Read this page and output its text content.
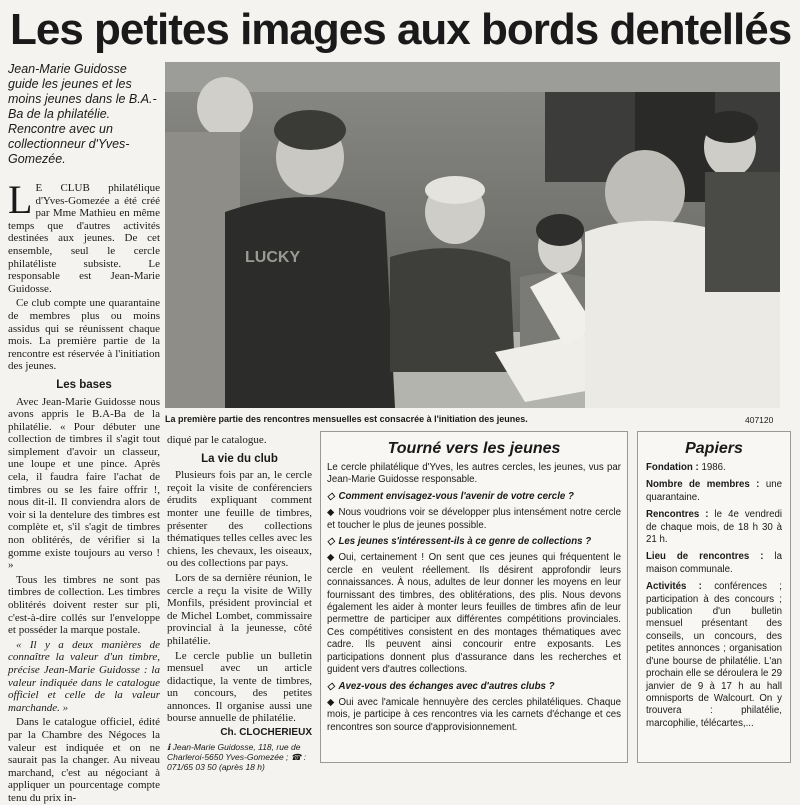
Les petites images aux bords dentellés

Jean-Marie Guidosse guide les jeunes et les moins jeunes dans le B.A.-Ba de la philatélie. Rencontre avec un collectionneur d'Yves-Gomezée.

L E CLUB philatélique d'Yves-Gomezée a été créé par Mme Mathieu en même temps que d'autres activités destinées aux jeunes. De cet ensemble, seul le cercle philatéliste subsiste. Le responsable est Jean-Marie Guidosse.

Ce club compte une quarantaine de membres plus ou moins assidus qui se réunissent chaque mois. La première partie de la rencontre est réservée à l'initiation des jeunes.

Les bases

Avec Jean-Marie Guidosse nous avons appris le B.A-Ba de la philatélie. « Pour débuter une collection de timbres il s'agit tout simplement d'avoir un classeur, une loupe et une pince. Après cela, il faudra faire l'achat de timbres ou se les faire offrir !, nous dit-il. Il conviendra alors de voir si la dentelure des timbres est complète et, s'il s'agit de timbres non oblitérés, de vérifier si la gomme existe toujours au verso ! »

Tous les timbres ne sont pas timbres de collection. Les timbres oblitérés doivent rester sur pli, c'est-à-dire collés sur l'enveloppe et posséder la marque postale.

« Il y a deux manières de connaître la valeur d'un timbre, précise Jean-Marie Guidosse : la valeur indiquée dans le catalogue officiel et celle de la valeur marchande. »

Dans le catalogue officiel, édité par la Chambre des Négoces la valeur est indiquée et on ne saurait pas la changer. Au niveau marchand, c'est au négociant à appliquer un pourcentage compte tenu du prix in-

LUCKY
La première partie des rencontres mensuelles est consacrée à l'initiation des jeunes.	407120

diqué par le catalogue.

La vie du club

Plusieurs fois par an, le cercle reçoit la visite de conférenciers érudits expliquant comment monter une feuille de timbres, présenter des collections thématiques telles celles avec les chiens, les chevaux, les oiseaux, ou des collections par pays.

Lors de sa dernière réunion, le cercle a reçu la visite de Willy Monfils, président provincial et de Michel Lombet, commissaire provincial à la jeunesse, côté philatélie.

Le cercle publie un bulletin mensuel avec un article didactique, la vente de timbres, un concours, des petites annonces. Il organise aussi une bourse annuelle de philatélie.

Ch. CLOCHERIEUX
ℹ Jean-Marie Guidosse, 118, rue de Charleroi-5650 Yves-Gomezée ; ☎ : 071/65 03 50 (après 18 h)
Tourné vers les jeunes

Le cercle philatélique d'Yves, les autres cercles, les jeunes, vus par Jean-Marie Guidosse responsable.

◇ Comment envisagez-vous l'avenir de votre cercle ?

◆ Nous voudrions voir se développer plus intensément notre cercle et toucher le plus de jeunes possible.

◇ Les jeunes s'intéressent-ils à ce genre de collections ?

◆ Oui, certainement ! On sent que ces jeunes qui fréquentent le cercle en veulent réellement. Ils désirent approfondir leurs connaissances. À nous, adultes de leur donner les moyens en leur fournissant des timbres, des oblitérations, des plis. Nous devons également les aider à monter leurs feuilles de timbres afin de leur permettre de participer aux différentes compétitions provinciales. Ces compétitives consistent en des montages thématiques avec cadre. Ils peuvent ainsi concourir entre exposants. Les participations donnent plus d'assurance dans les recherches et guident vers d'autres collections.

◇ Avez-vous des échanges avec d'autres clubs ?

◆ Oui avec l'amicale hennuyère des cercles philatéliques. Chaque mois, je participe à ces rencontres via les carnets d'échange et ces rencontres son source d'approvisionnement.

Papiers

Fondation : 1986.

Nombre de membres : une quarantaine.

Rencontres : le 4e vendredi de chaque mois, de 18 h 30 à 21 h.

Lieu de rencontres : la maison communale.

Activités : conférences ; participation à des concours ; publication d'un bulletin mensuel présentant des conseils, un concours, des petites annonces ; organisation d'une bourse de philatélie. L'an prochain elle se déroulera le 29 janvier de 9 à 17 h au hall omnisports de Walcourt. On y trouvera : philatélie, marcophilie, télécartes,...
